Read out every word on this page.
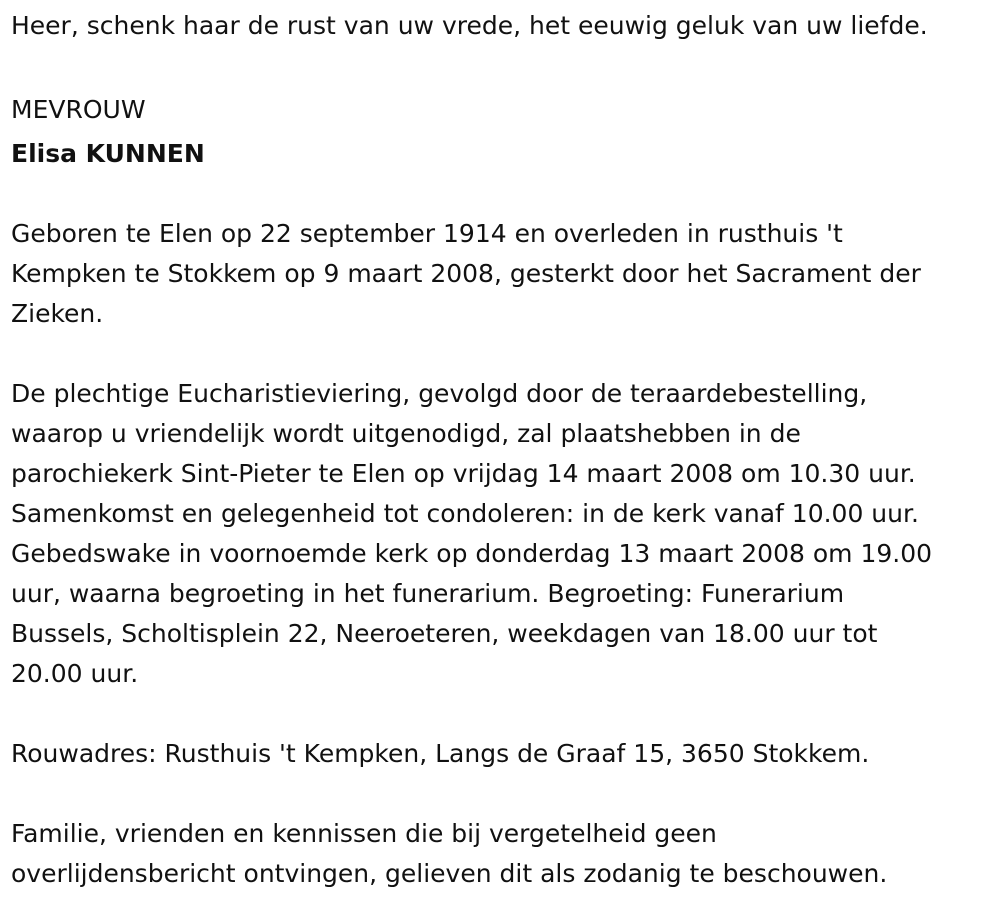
Heer, schenk haar de rust van uw vrede, het eeuwig geluk van uw liefde.
MEVROUW
Elisa KUNNEN
Geboren te Elen op 22 september 1914 en overleden in rusthuis 't
Kempken te Stokkem op 9 maart 2008, gesterkt door het Sacrament der
Zieken.
De plechtige Eucharistieviering, gevolgd door de teraardebestelling,
waarop u vriendelijk wordt uitgenodigd, zal plaatshebben in de
parochiekerk Sint-Pieter te Elen op vrijdag 14 maart 2008 om 10.30 uur.
Samenkomst en gelegenheid tot condoleren: in de kerk vanaf 10.00 uur.
Gebedswake in voornoemde kerk op donderdag 13 maart 2008 om 19.00
uur, waarna begroeting in het funerarium. Begroeting: Funerarium
Bussels, Scholtisplein 22, Neeroeteren, weekdagen van 18.00 uur tot
20.00 uur.
Rouwadres: Rusthuis 't Kempken, Langs de Graaf 15, 3650 Stokkem.
Familie, vrienden en kennissen die bij vergetelheid geen
overlijdensbericht ontvingen, gelieven dit als zodanig te beschouwen.
